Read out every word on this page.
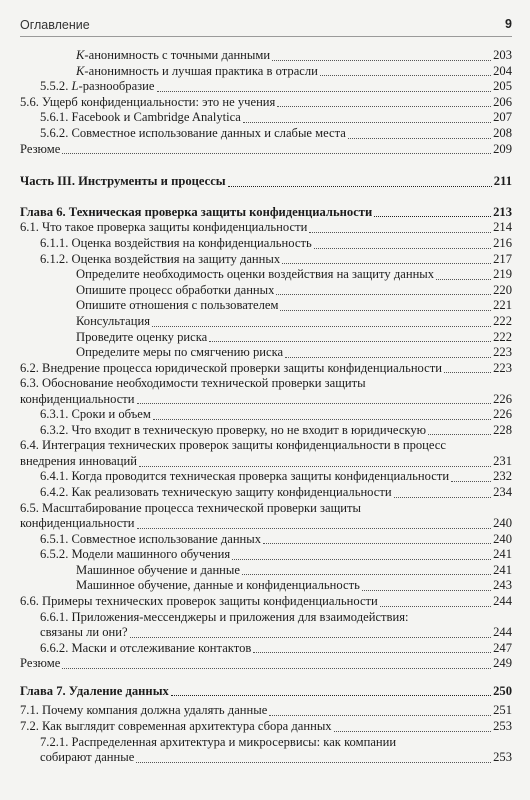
Оглавление	9
K-анонимность с точными данными	203
K-анонимность и лучшая практика в отрасли	204
5.5.2. L-разнообразие	205
5.6. Ущерб конфиденциальности: это не учения	206
5.6.1. Facebook и Cambridge Analytica	207
5.6.2. Совместное использование данных и слабые места	208
Резюме	209
Часть III. Инструменты и процессы	211
Глава 6. Техническая проверка защиты конфиденциальности	213
6.1. Что такое проверка защиты конфиденциальности	214
6.1.1. Оценка воздействия на конфиденциальность	216
6.1.2. Оценка воздействия на защиту данных	217
Определите необходимость оценки воздействия на защиту данных	219
Опишите процесс обработки данных	220
Опишите отношения с пользователем	221
Консультация	222
Проведите оценку риска	222
Определите меры по смягчению риска	223
6.2. Внедрение процесса юридической проверки защиты конфиденциальности	223
6.3. Обоснование необходимости технической проверки защиты
конфиденциальности	226
6.3.1. Сроки и объем	226
6.3.2. Что входит в техническую проверку, но не входит в юридическую	228
6.4. Интеграция технических проверок защиты конфиденциальности в процесс
внедрения инноваций	231
6.4.1. Когда проводится техническая проверка защиты конфиденциальности	232
6.4.2. Как реализовать техническую защиту конфиденциальности	234
6.5. Масштабирование процесса технической проверки защиты
конфиденциальности	240
6.5.1. Совместное использование данных	240
6.5.2. Модели машинного обучения	241
Машинное обучение и данные	241
Машинное обучение, данные и конфиденциальность	243
6.6. Примеры технических проверок защиты конфиденциальности	244
6.6.1. Приложения-мессенджеры и приложения для взаимодействия:
связаны ли они?	244
6.6.2. Маски и отслеживание контактов	247
Резюме	249
Глава 7. Удаление данных	250
7.1. Почему компания должна удалять данные	251
7.2. Как выглядит современная архитектура сбора данных	253
7.2.1. Распределенная архитектура и микросервисы: как компании
собирают данные	253
